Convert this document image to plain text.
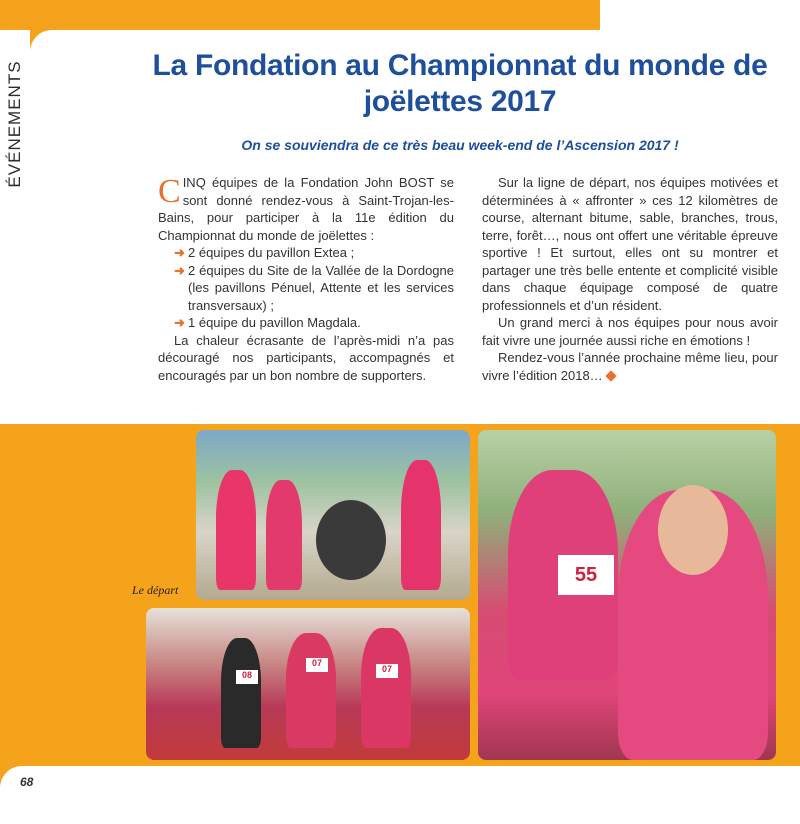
ÉVÉNEMENTS	La Fondation au Championnat du monde de joëlettes 2017
On se souviendra de ce très beau week-end de l’Ascension 2017 !

CINQ équipes de la Fondation John BOST se sont donné rendez-vous à Saint-Trojan-les-Bains, pour participer à la 11e édition du Championnat du monde de joëlettes :

➜ 2 équipes du pavillon Extea ;
➜ 2 équipes du Site de la Vallée de la Dordogne (les pavillons Pénuel, Attente et les services transversaux) ;
➜ 1 équipe du pavillon Magdala.

La chaleur écrasante de l’après-midi n’a pas découragé nos participants, accompagnés et encouragés par un bon nombre de supporters.

Sur la ligne de départ, nos équipes motivées et déterminées à « affronter » ces 12 kilomètres de course, alternant bitume, sable, branches, trous, terre, forêt…, nous ont offert une véritable épreuve sportive ! Et surtout, elles ont su montrer et partager une très belle entente et complicité visible dans chaque équipage composé de quatre professionnels et d’un résident.

Un grand merci à nos équipes pour nous avoir fait vivre une journée aussi riche en émotions !

Rendez-vous l’année prochaine même lieu, pour vivre l’édition 2018…

08
07
07
55
Le départ
68
